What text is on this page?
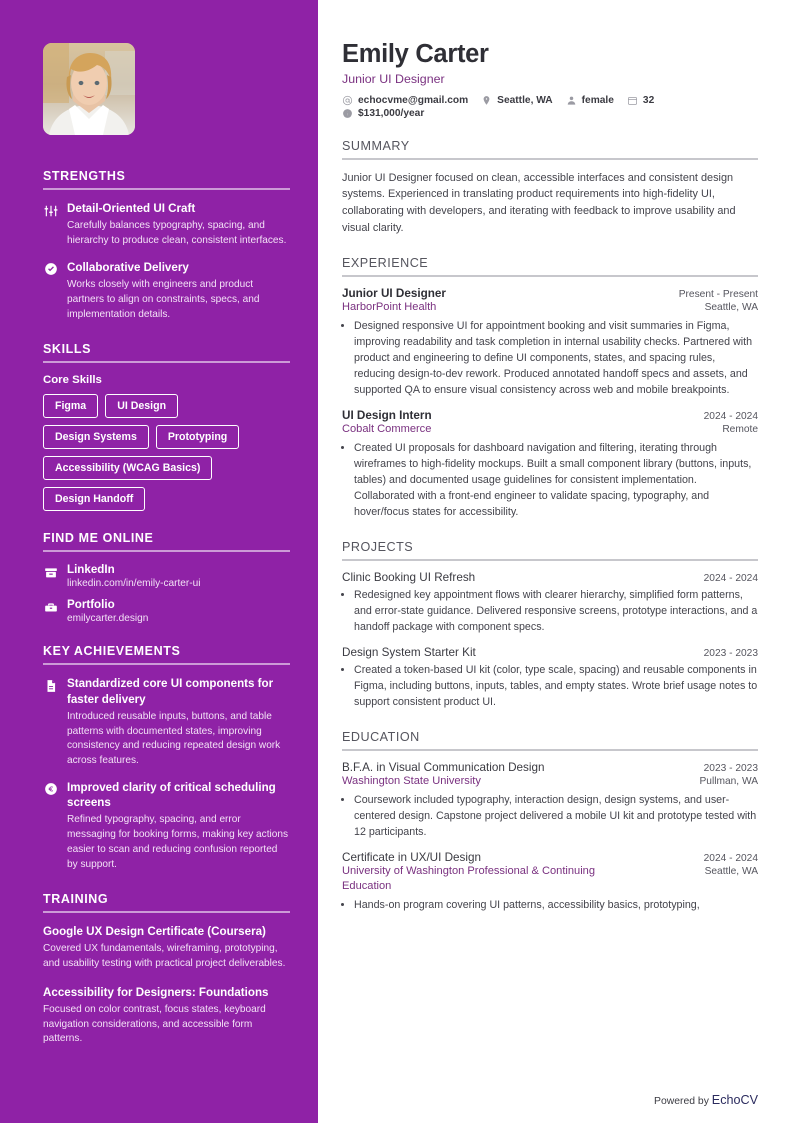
STRENGTHS
Detail-Oriented UI Craft
Carefully balances typography, spacing, and hierarchy to produce clean, consistent interfaces.
Collaborative Delivery
Works closely with engineers and product partners to align on constraints, specs, and implementation details.
SKILLS
Core Skills
Figma	UI Design
Design Systems	Prototyping
Accessibility (WCAG Basics)
Design Handoff
FIND ME ONLINE
LinkedIn
linkedin.com/in/emily-carter-ui
Portfolio
emilycarter.design
KEY ACHIEVEMENTS
Standardized core UI components for faster delivery
Introduced reusable inputs, buttons, and table patterns with documented states, improving consistency and reducing repeated design work across features.
Improved clarity of critical scheduling screens
Refined typography, spacing, and error messaging for booking forms, making key actions easier to scan and reducing confusion reported by support.
TRAINING
Google UX Design Certificate (Coursera)
Covered UX fundamentals, wireframing, prototyping, and usability testing with practical project deliverables.
Accessibility for Designers: Foundations
Focused on color contrast, focus states, keyboard navigation considerations, and accessible form patterns.
Emily Carter
Junior UI Designer
echocvme@gmail.com	Seattle, WA	female	32
$131,000/year
SUMMARY

Junior UI Designer focused on clean, accessible interfaces and consistent design systems. Experienced in translating product requirements into high-fidelity UI, collaborating with developers, and iterating with feedback to improve usability and visual clarity.

EXPERIENCE
Junior UI Designer	Present - Present
HarborPoint Health	Seattle, WA
• Designed responsive UI for appointment booking and visit summaries in Figma, improving readability and task completion in internal usability checks. Partnered with product and engineering to define UI components, states, and spacing rules, reducing design-to-dev rework. Produced annotated handoff specs and assets, and supported QA to ensure visual consistency across web and mobile breakpoints.
UI Design Intern	2024 - 2024
Cobalt Commerce	Remote
• Created UI proposals for dashboard navigation and filtering, iterating through wireframes to high-fidelity mockups. Built a small component library (buttons, inputs, tables) and documented usage guidelines for consistent implementation. Collaborated with a front-end engineer to validate spacing, typography, and hover/focus states for accessibility.
PROJECTS
Clinic Booking UI Refresh	2024 - 2024
• Redesigned key appointment flows with clearer hierarchy, simplified form patterns, and error-state guidance. Delivered responsive screens, prototype interactions, and a handoff package with component specs.
Design System Starter Kit	2023 - 2023
• Created a token-based UI kit (color, type scale, spacing) and reusable components in Figma, including buttons, inputs, tables, and empty states. Wrote brief usage notes to support consistent product UI.
EDUCATION
B.F.A. in Visual Communication Design	2023 - 2023
Washington State University	Pullman, WA
• Coursework included typography, interaction design, design systems, and user-centered design. Capstone project delivered a mobile UI kit and prototype tested with 12 participants.
Certificate in UX/UI Design	2024 - 2024
University of Washington Professional & Continuing Education
Seattle, WA
• Hands-on program covering UI patterns, accessibility basics, prototyping,
Powered by EchoCV
